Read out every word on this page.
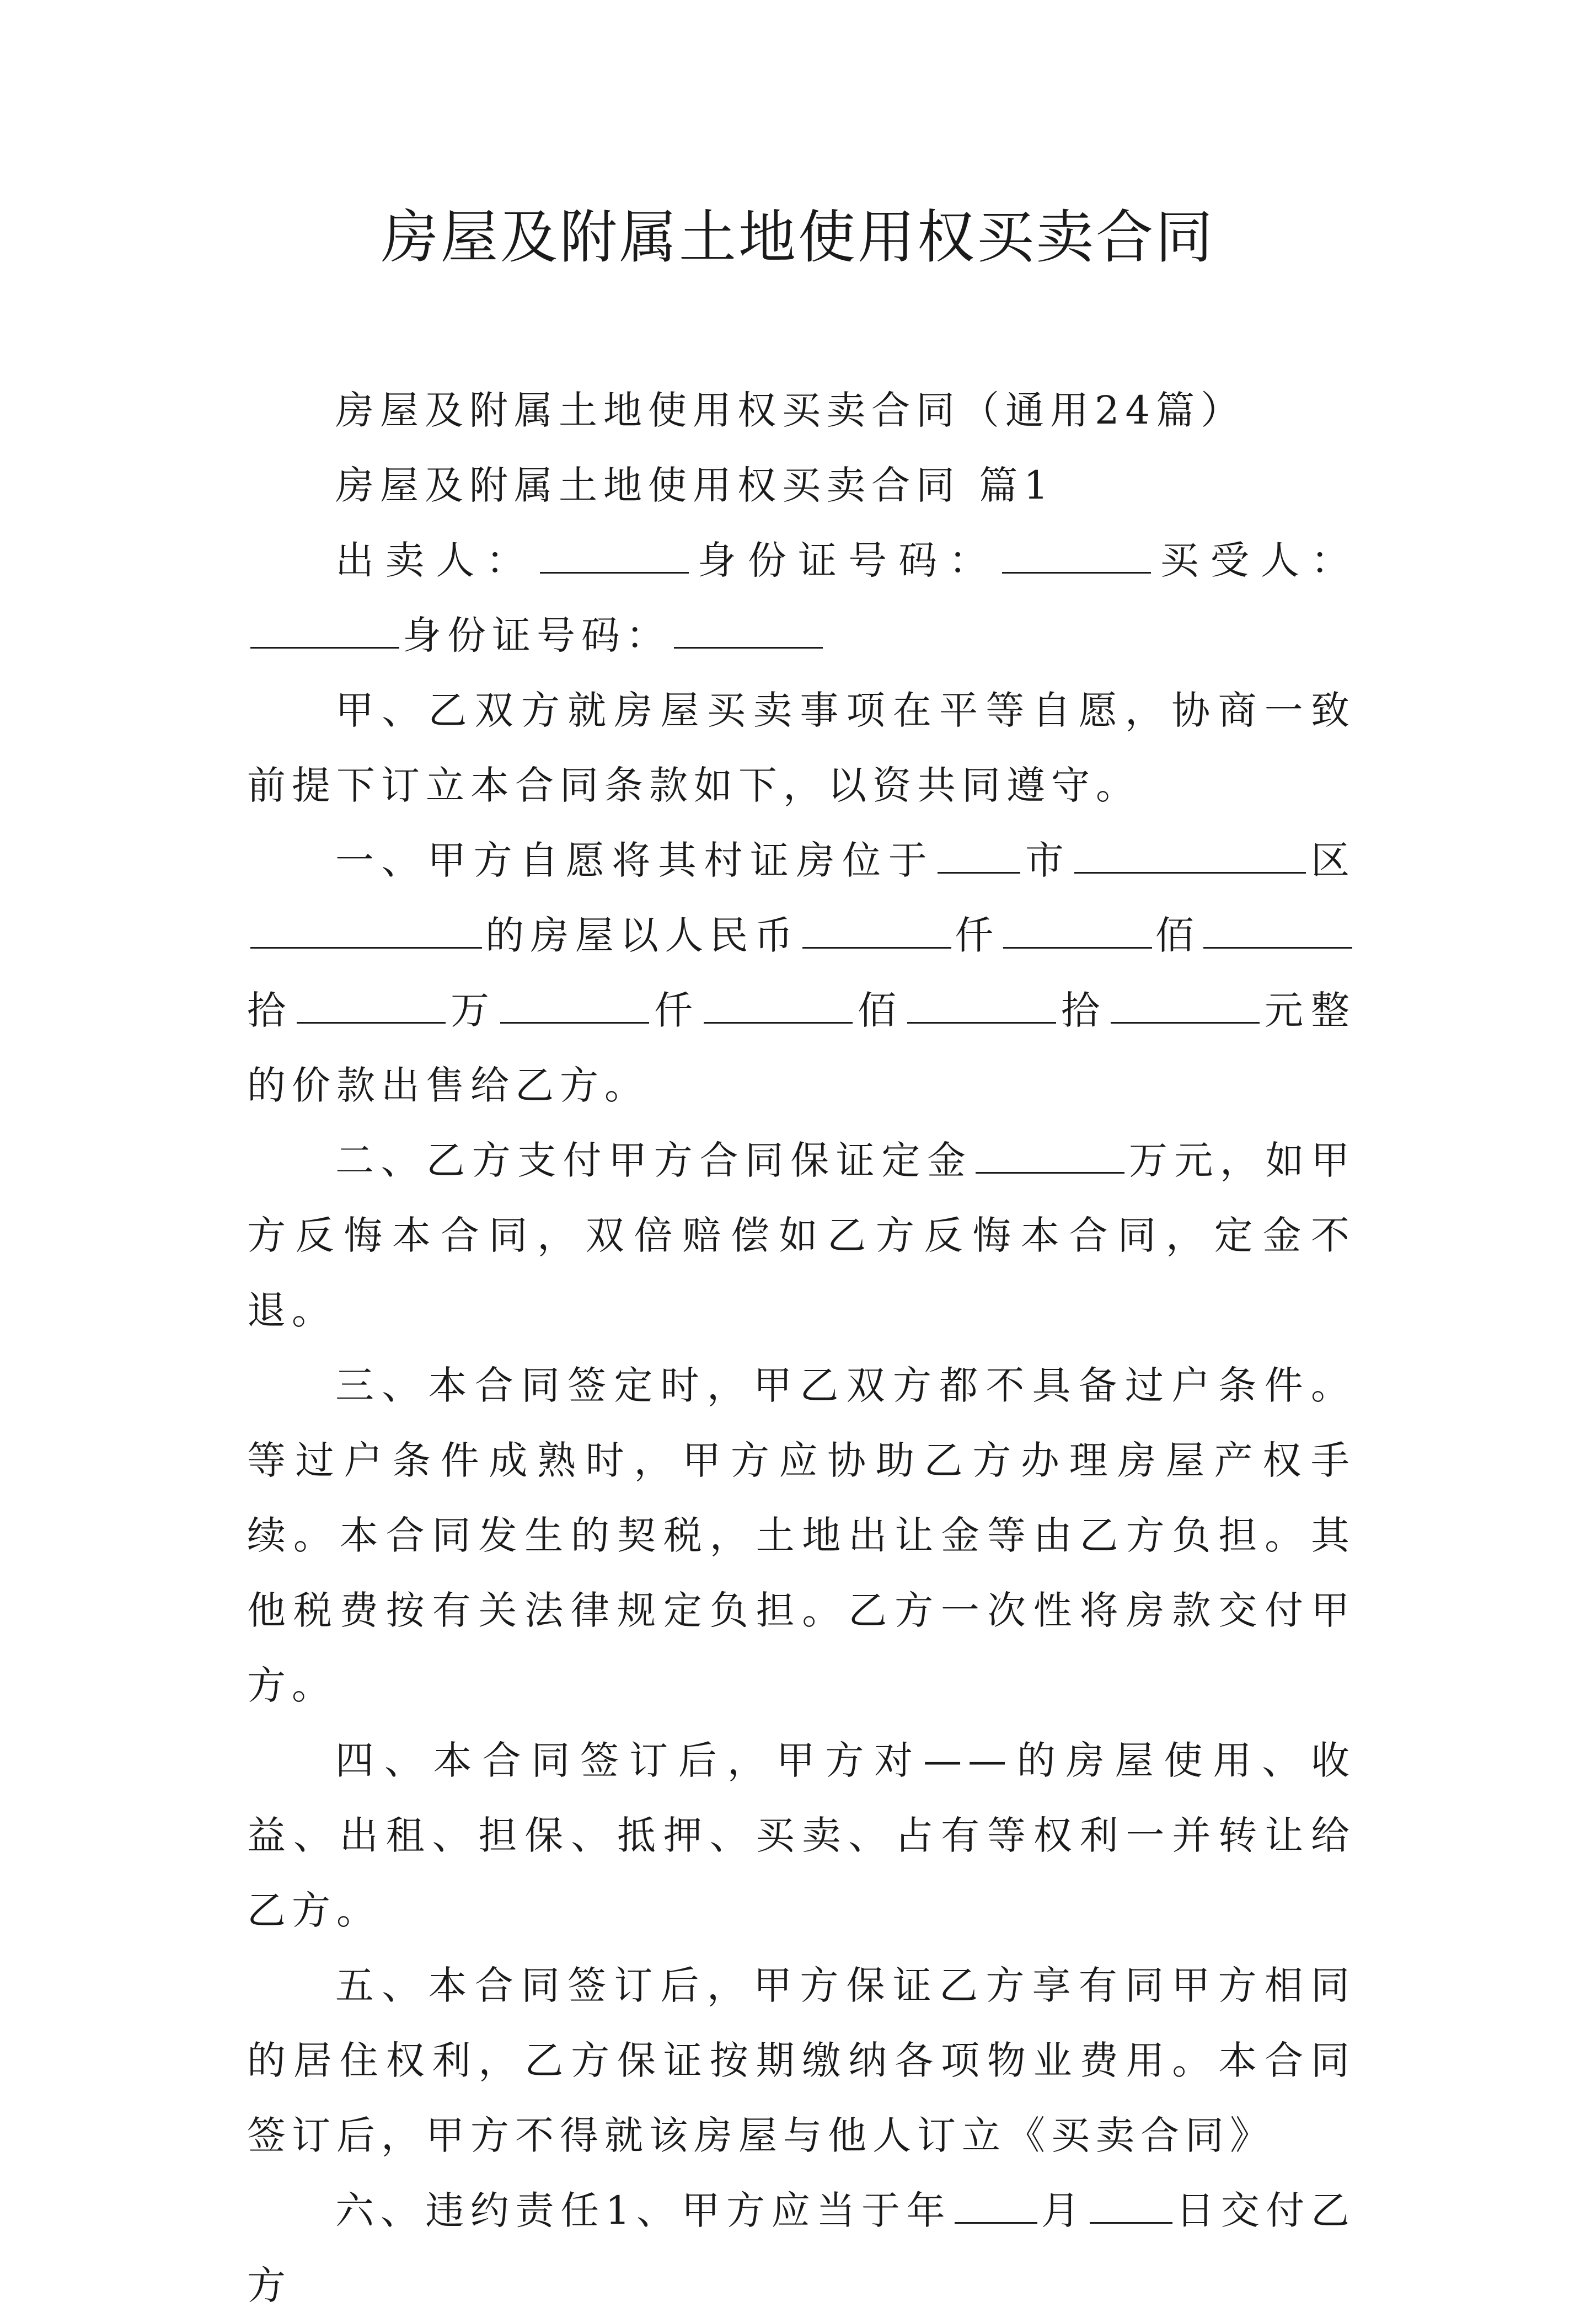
房屋及附属土地使用权买卖合同

房屋及附属土地使用权买卖合同（通用24篇）

房屋及附属土地使用权买卖合同 篇1

出卖人：	身份证号码：	买受人：身份证号码：

甲、乙双方就房屋买卖事项在平等自愿，协商一致前提下订立本合同条款如下，以资共同遵守。

一、甲方自愿将其村证房位于 市	区的房屋以人民币	仟	佰拾	万	仟	佰	拾	元整的价款出售给乙方。

二、乙方支付甲方合同保证定金	万元，如甲方反悔本合同，双倍赔偿如乙方反悔本合同，定金不退。

三、本合同签定时，甲乙双方都不具备过户条件。等过户条件成熟时，甲方应协助乙方办理房屋产权手续。本合同发生的契税，土地出让金等由乙方负担。其他税费按有关法律规定负担。乙方一次性将房款交付甲方。

四、本合同签订后，甲方对——的房屋使用、收益、出租、担保、抵押、买卖、占有等权利一并转让给乙方。

五、本合同签订后，甲方保证乙方享有同甲方相同的居住权利，乙方保证按期缴纳各项物业费用。本合同签订后，甲方不得就该房屋与他人订立《买卖合同》

六、违约责任1、甲方应当于年 月 日交付乙方
